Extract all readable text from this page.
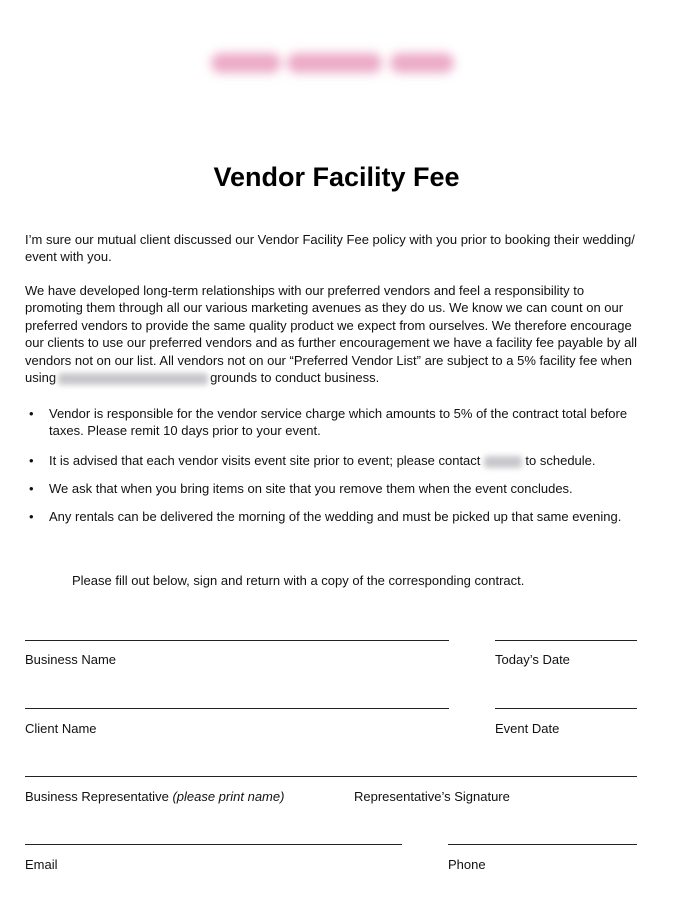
Vendor Facility Fee
I’m sure our mutual client discussed our Vendor Facility Fee policy with you prior to booking their wedding/ event with you.
We have developed long-term relationships with our preferred vendors and feel a responsibility to
promoting them through all our various marketing avenues as they do us. We know we can count on our
preferred vendors to provide the same quality product we expect from ourselves. We therefore encourage
our clients to use our preferred vendors and as further encouragement we have a facility fee payable by all
vendors not on our list. All vendors not on our “Preferred Vendor List” are subject to a 5% facility fee when
using	grounds to conduct business.
• Vendor is responsible for the vendor service charge which amounts to 5% of the contract total before taxes. Please remit 10 days prior to your event.
• It is advised that each vendor visits event site prior to event; please contact	to schedule.
• We ask that when you bring items on site that you remove them when the event concludes.
• Any rentals can be delivered the morning of the wedding and must be picked up that same evening.
Please fill out below, sign and return with a copy of the corresponding contract.
Business Name	Today’s Date
Client Name	Event Date
Business Representative (please print name)	Representative’s Signature
Email	Phone
